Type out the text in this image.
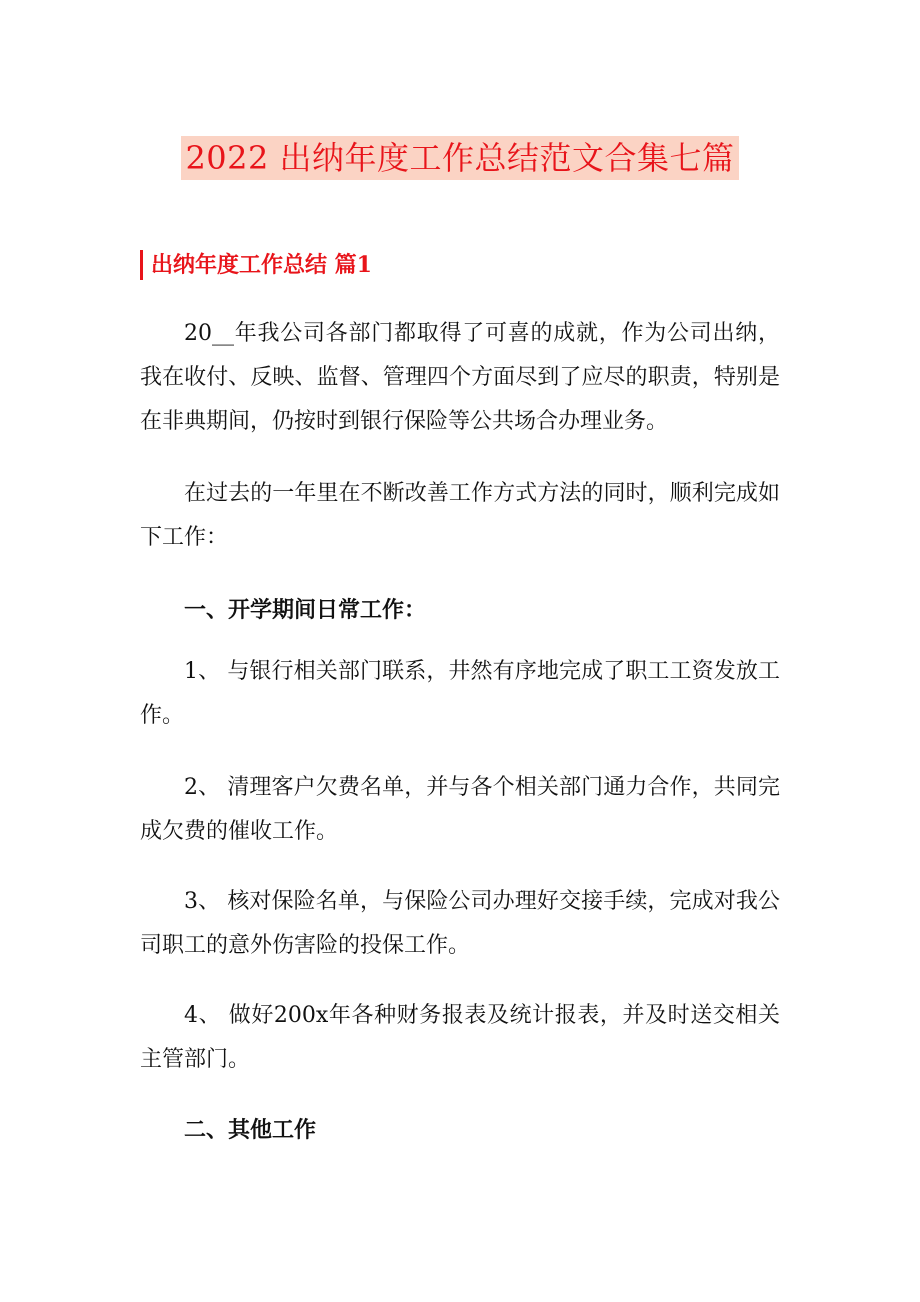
2022 出纳年度工作总结范文合集七篇
出纳年度工作总结 篇1

20__年我公司各部门都取得了可喜的成就，作为公司出纳，我在收付、反映、监督、管理四个方面尽到了应尽的职责，特别是在非典期间，仍按时到银行保险等公共场合办理业务。

在过去的一年里在不断改善工作方式方法的同时，顺利完成如下工作：

一、开学期间日常工作：

1、 与银行相关部门联系，井然有序地完成了职工工资发放工作。

2、 清理客户欠费名单，并与各个相关部门通力合作，共同完成欠费的催收工作。

3、 核对保险名单，与保险公司办理好交接手续，完成对我公司职工的意外伤害险的投保工作。

4、 做好200x年各种财务报表及统计报表，并及时送交相关主管部门。

二、其他工作
